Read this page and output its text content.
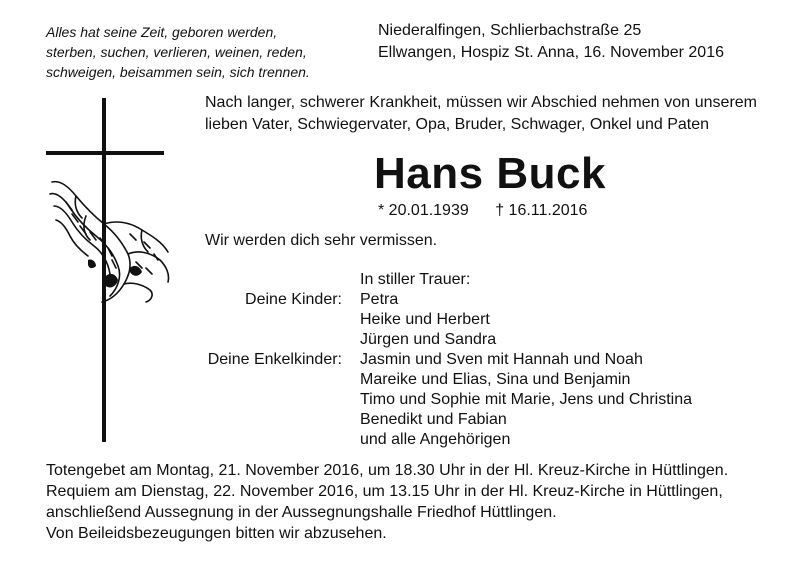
Alles hat seine Zeit, geboren werden,
sterben, suchen, verlieren, weinen, reden,
schweigen, beisammen sein, sich trennen.
Niederalfingen, Schlierbachstraße 25
Ellwangen, Hospiz St. Anna, 16. November 2016
Nach langer, schwerer Krankheit, müssen wir Abschied nehmen von unserem lieben Vater, Schwiegervater, Opa, Bruder, Schwager, Onkel und Paten
Hans Buck
* 20.01.1939 † 16.11.2016
Wir werden dich sehr vermissen.
In stiller Trauer:
Deine Kinder:	Petra
Heike und Herbert
Jürgen und Sandra
Deine Enkelkinder:	Jasmin und Sven mit Hannah und Noah
Mareike und Elias, Sina und Benjamin
Timo und Sophie mit Marie, Jens und Christina
Benedikt und Fabian
und alle Angehörigen
Totengebet am Montag, 21. November 2016, um 18.30 Uhr in der Hl. Kreuz-Kirche in Hüttlingen.
Requiem am Dienstag, 22. November 2016, um 13.15 Uhr in der Hl. Kreuz-Kirche in Hüttlingen,
anschließend Aussegnung in der Aussegnungshalle Friedhof Hüttlingen.
Von Beileidsbezeugungen bitten wir abzusehen.
